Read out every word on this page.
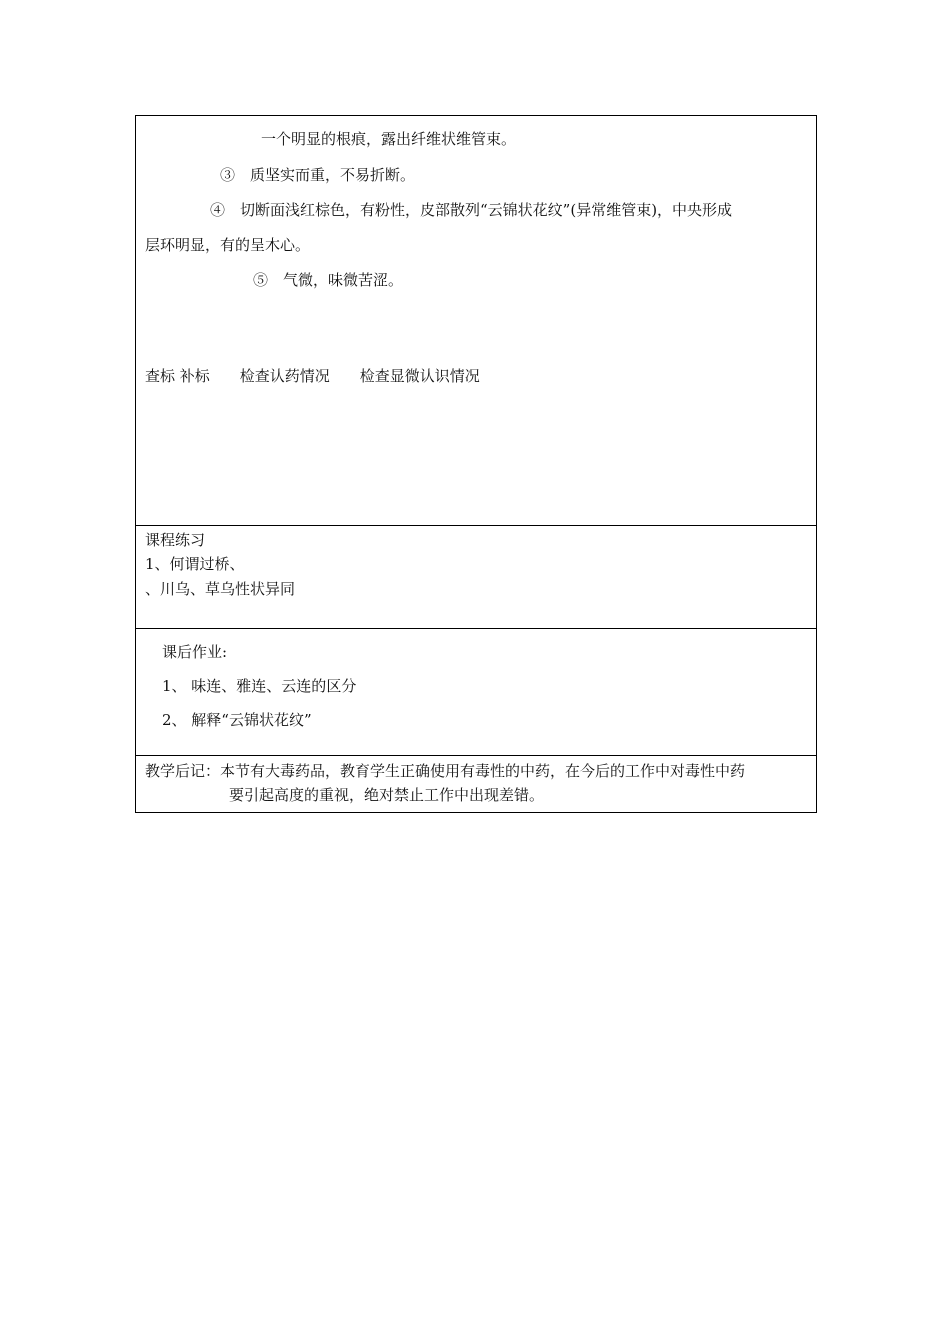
一个明显的根痕，露出纤维状维管束。
③　质坚实而重，不易折断。
④　切断面浅红棕色，有粉性，皮部散列“云锦状花纹”(异常维管束)，中央形成
层环明显，有的呈木心。
⑤　气微，味微苦涩。
查标 补标　　检查认药情况　　检查显微认识情况
课程练习
1、何谓过桥、
、川乌、草乌性状异同
课后作业:
1、 味连、雅连、云连的区分
2、 解释“云锦状花纹”
教学后记：本节有大毒药品，教育学生正确使用有毒性的中药，在今后的工作中对毒性中药
要引起高度的重视，绝对禁止工作中出现差错。
